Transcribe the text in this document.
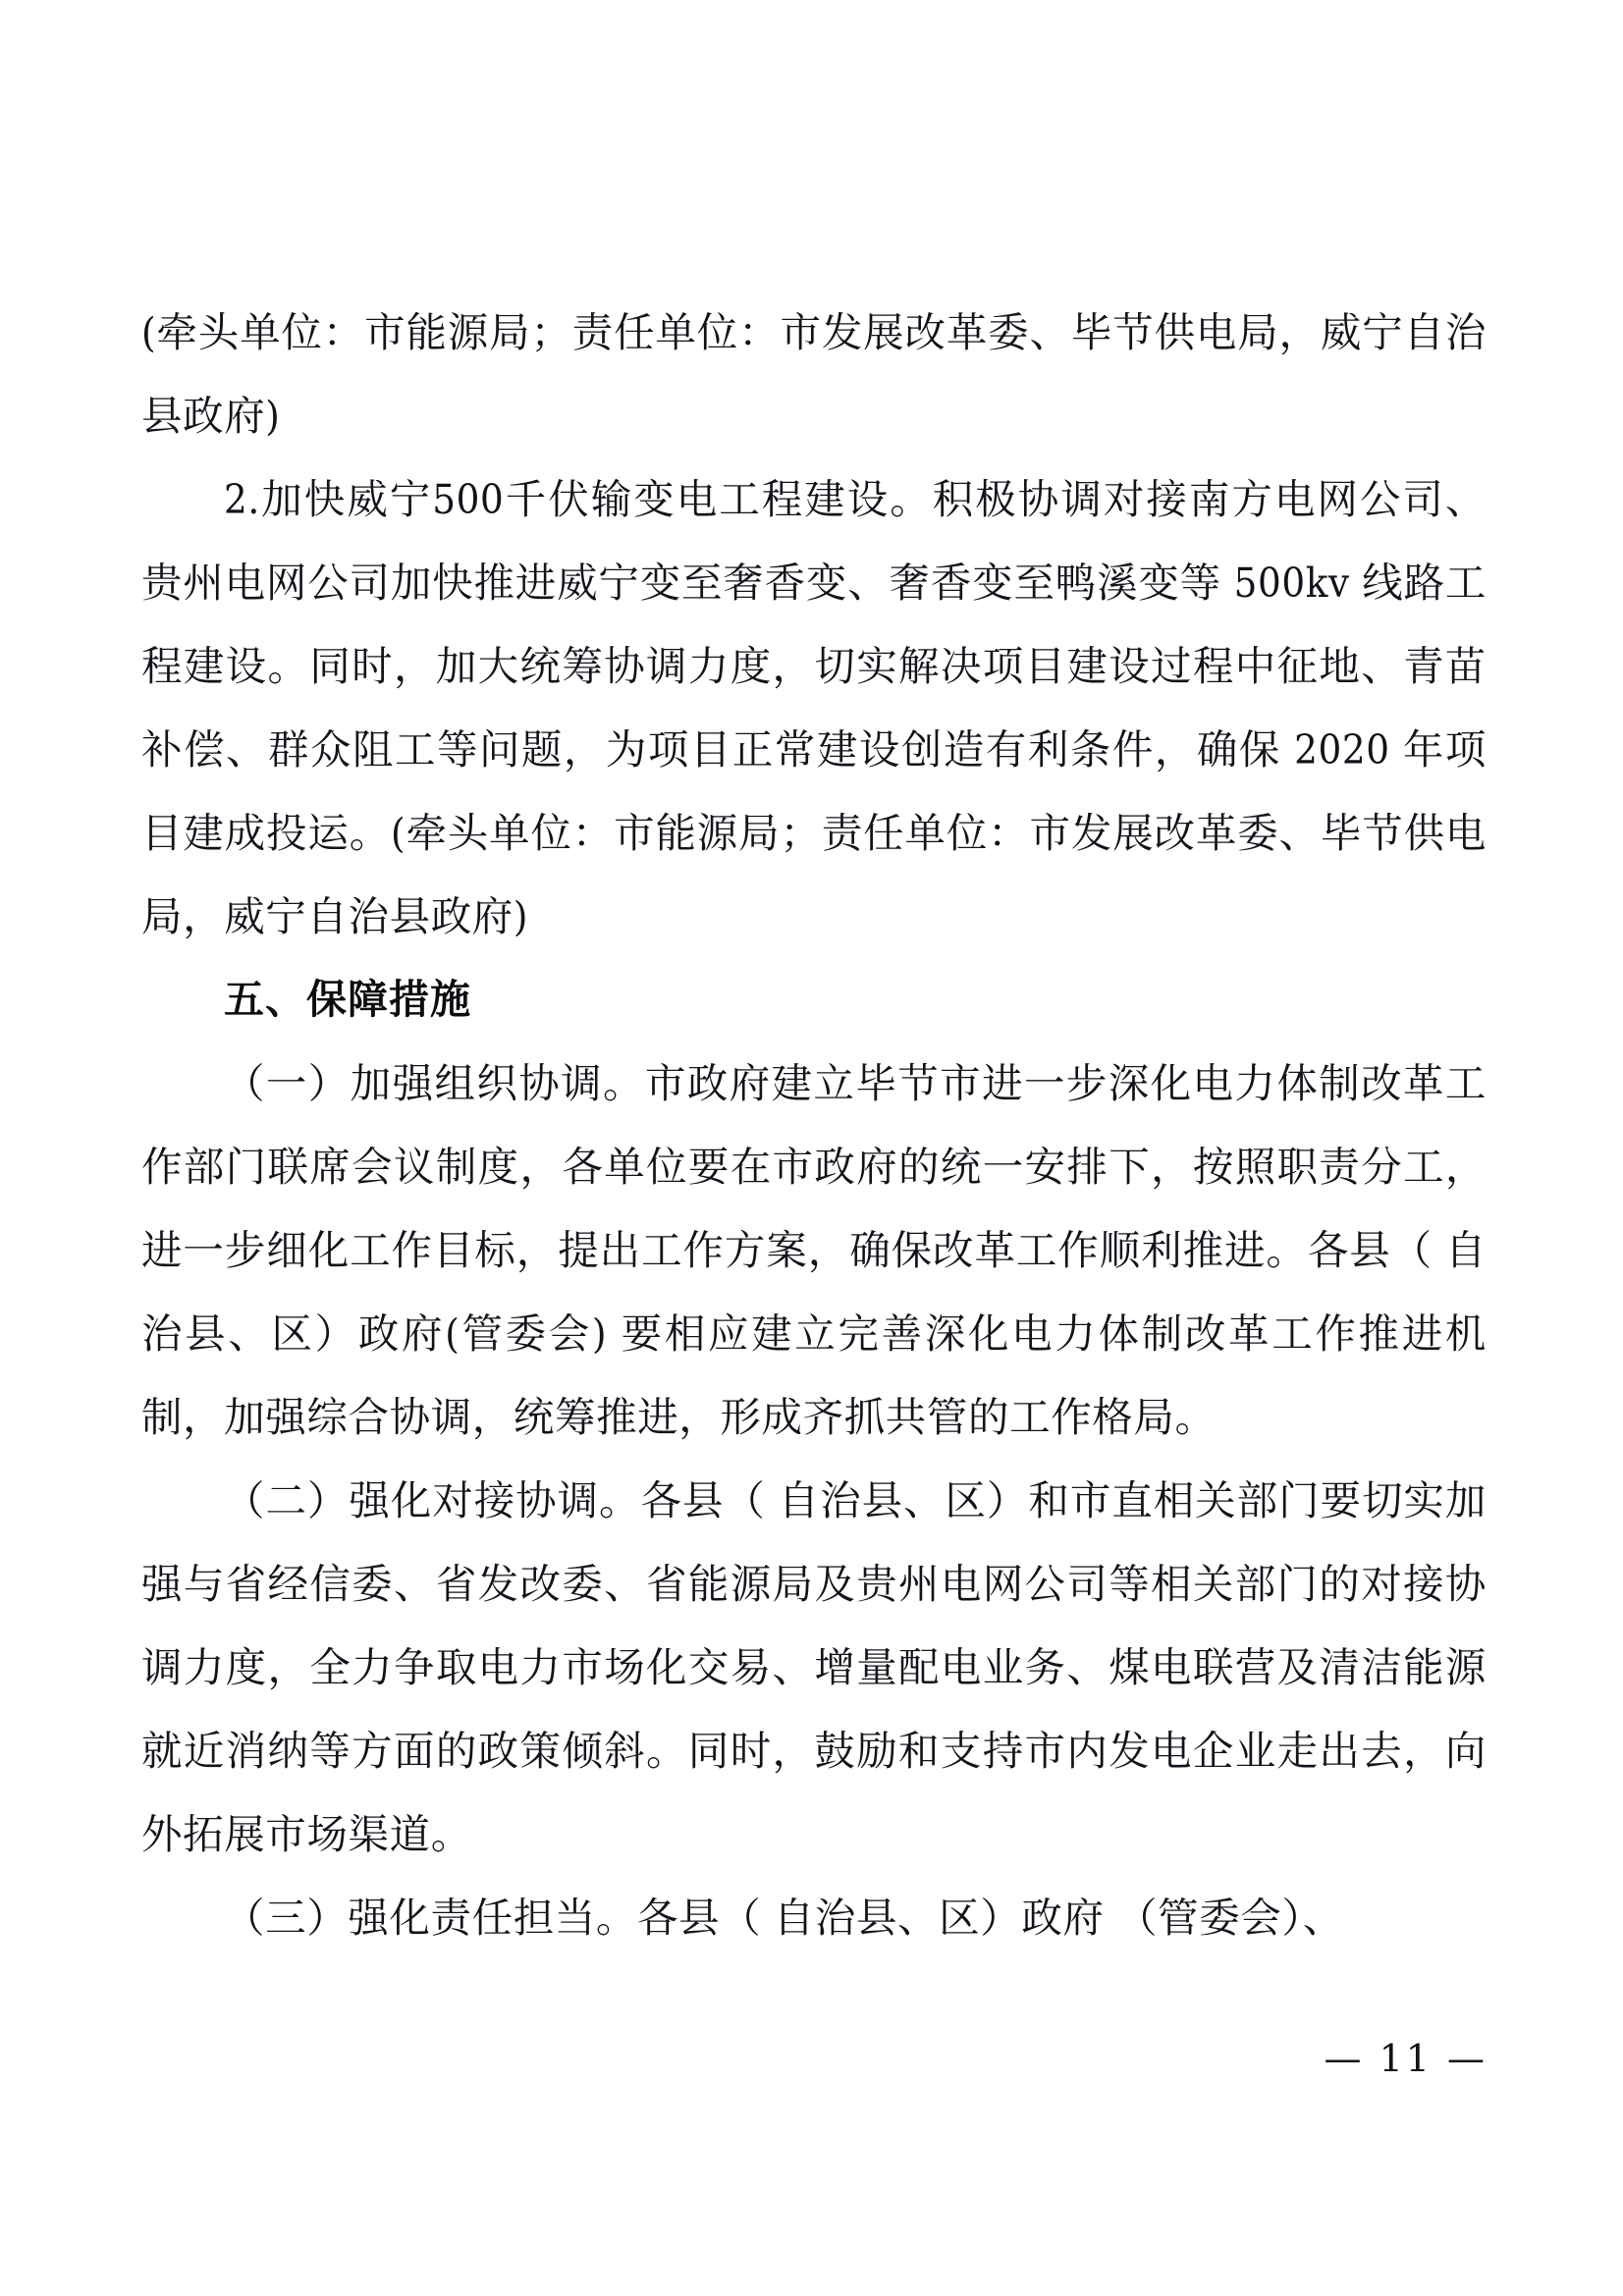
(牵头单位：市能源局；责任单位：市发展改革委、毕节供电局，威宁自治县政府)

2.加快威宁500千伏输变电工程建设。积极协调对接南方电网公司、贵州电网公司加快推进威宁变至奢香变、奢香变至鸭溪变等 500kv 线路工程建设。同时，加大统筹协调力度，切实解决项目建设过程中征地、青苗补偿、群众阻工等问题，为项目正常建设创造有利条件，确保 2020 年项目建成投运。(牵头单位：市能源局；责任单位：市发展改革委、毕节供电局，威宁自治县政府)

五、保障措施

（一）加强组织协调。市政府建立毕节市进一步深化电力体制改革工作部门联席会议制度，各单位要在市政府的统一安排下，按照职责分工，进一步细化工作目标，提出工作方案，确保改革工作顺利推进。各县（ 自治县、区）政府(管委会) 要相应建立完善深化电力体制改革工作推进机制，加强综合协调，统筹推进，形成齐抓共管的工作格局。

（二）强化对接协调。各县（ 自治县、区）和市直相关部门要切实加强与省经信委、省发改委、省能源局及贵州电网公司等相关部门的对接协调力度，全力争取电力市场化交易、增量配电业务、煤电联营及清洁能源就近消纳等方面的政策倾斜。同时，鼓励和支持市内发电企业走出去，向外拓展市场渠道。

（三）强化责任担当。各县（ 自治县、区）政府 （管委会）、

— 11 —
